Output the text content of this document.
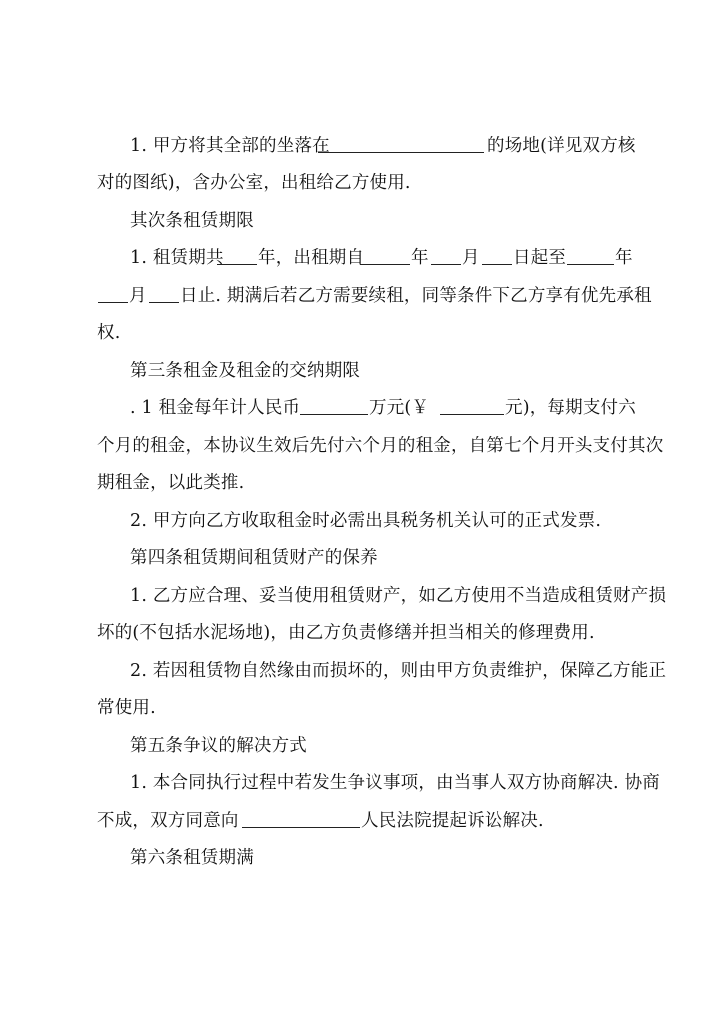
1. 甲方将其全部的坐落在	的场地(详见双方核
对的图纸)，含办公室，出租给乙方使用.
其次条租赁期限
1. 租赁期共 年，出租期自	年 月 日起至	年
月 日止. 期满后若乙方需要续租，同等条件下乙方享有优先承租
权.
第三条租金及租金的交纳期限
. 1 租金每年计人民币	万元(￥	元)，每期支付六
个月的租金，本协议生效后先付六个月的租金，自第七个月开头支付其次
期租金，以此类推.
2. 甲方向乙方收取租金时必需出具税务机关认可的正式发票.
第四条租赁期间租赁财产的保养
1. 乙方应合理、妥当使用租赁财产，如乙方使用不当造成租赁财产损
坏的(不包括水泥场地)，由乙方负责修缮并担当相关的修理费用.
2. 若因租赁物自然缘由而损坏的，则由甲方负责维护，保障乙方能正
常使用.
第五条争议的解决方式
1. 本合同执行过程中若发生争议事项，由当事人双方协商解决. 协商
不成，双方同意向	人民法院提起诉讼解决.
第六条租赁期满
